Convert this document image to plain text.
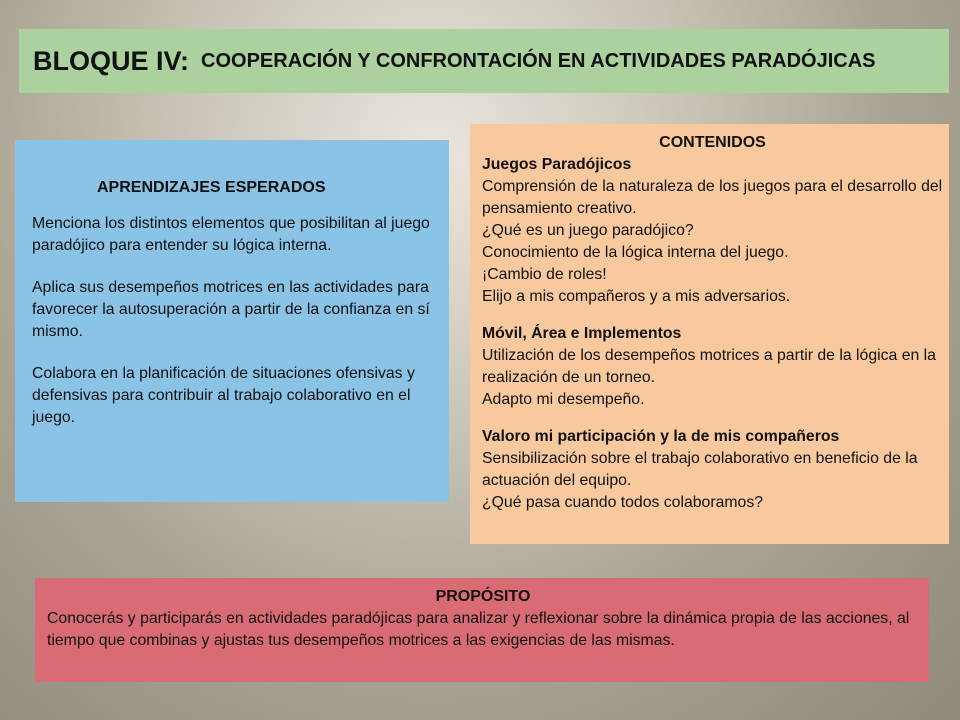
BLOQUE IV: COOPERACIÓN Y CONFRONTACIÓN EN ACTIVIDADES PARADÓJICAS
APRENDIZAJES ESPERADOS

Menciona los distintos elementos que posibilitan al juego paradójico para entender su lógica interna.

Aplica sus desempeños motrices en las actividades para favorecer la autosuperación a partir de la confianza en sí mismo.

Colabora en la planificación de situaciones ofensivas y defensivas para contribuir al trabajo colaborativo en el juego.

CONTENIDOS
Juegos Paradójicos
Comprensión de la naturaleza de los juegos para el desarrollo del pensamiento creativo.
¿Qué es un juego paradójico?
Conocimiento de la lógica interna del juego.
¡Cambio de roles!
Elijo a mis compañeros y a mis adversarios.
Móvil, Área e Implementos
Utilización de los desempeños motrices a partir de la lógica en la realización de un torneo.
Adapto mi desempeño.
Valoro mi participación y la de mis compañeros
Sensibilización sobre el trabajo colaborativo en beneficio de la actuación del equipo.
¿Qué pasa cuando todos colaboramos?
PROPÓSITO
Conocerás y participarás en actividades paradójicas para analizar y reflexionar sobre la dinámica propia de las acciones, al tiempo que combinas y ajustas tus desempeños motrices a las exigencias de las mismas.
